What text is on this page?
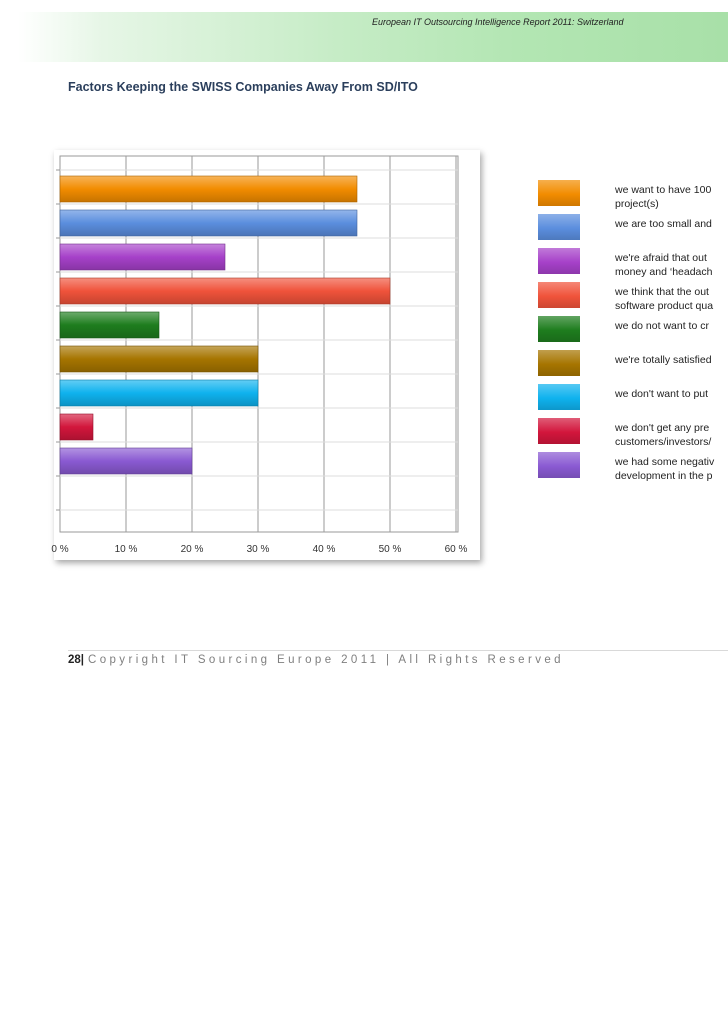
European IT Outsourcing Intelligence Report 2011: Switzerland
Factors Keeping the SWISS Companies Away From SD/ITO
0 %	10 %	20 %	30 %	40 %	50 %	60 %
we want to have 100
project(s)
we are too small and
we're afraid that out
money and ‘headach
we think that the out
software product qua
we do not want to cr
we're totally satisfied
we don't want to put
we don't get any pre
customers/investors/
we had some negativ
development in the p
28| Copyright IT Sourcing Europe 2011 | All Rights Reserved
